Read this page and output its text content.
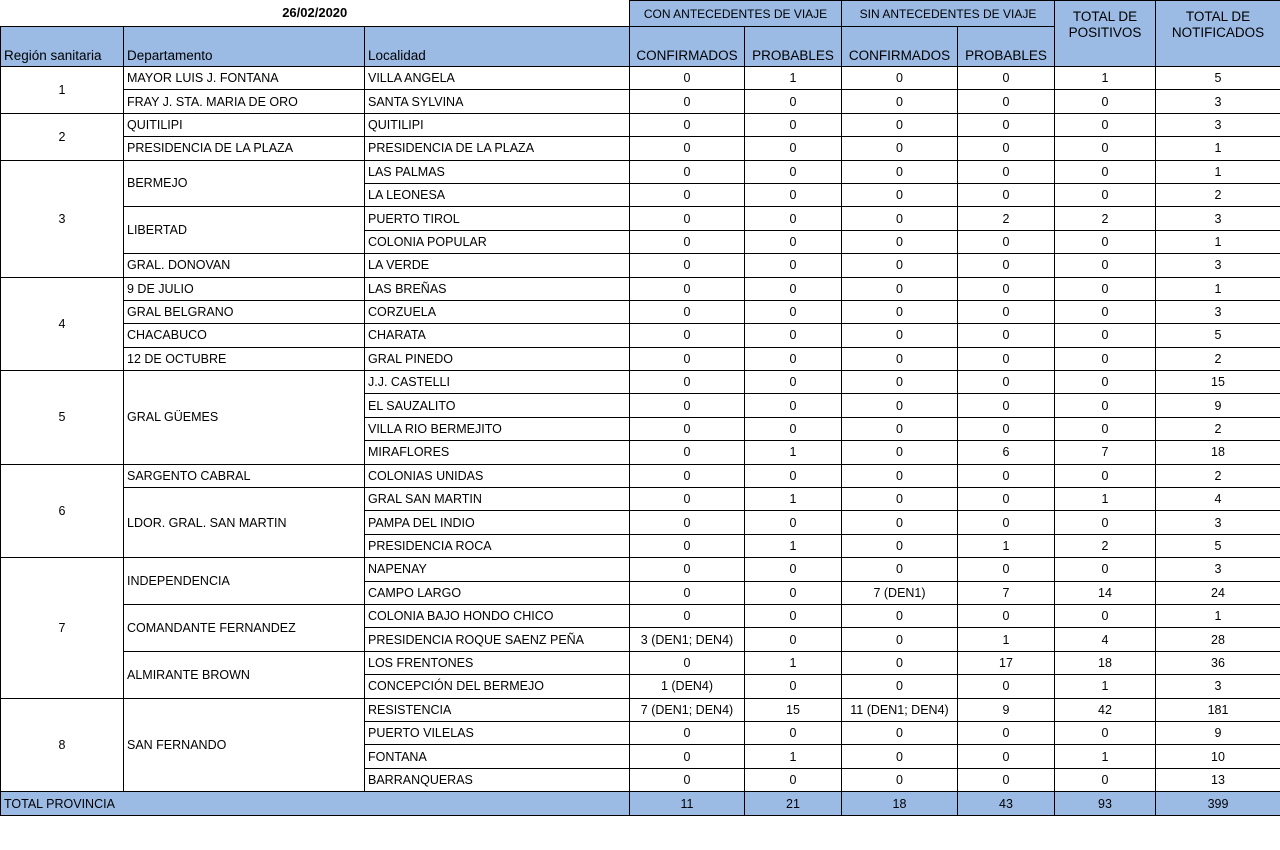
26/02/2020			CON ANTECEDENTES DE VIAJE		SIN ANTECEDENTES DE VIAJE		TOTAL DE POSITIVOS	TOTAL DE NOTIFICADOS
Región sanitaria	Departamento	Localidad	CONFIRMADOS	PROBABLES	CONFIRMADOS	PROBABLES		
1	MAYOR LUIS J. FONTANA	VILLA ANGELA	0	1	0	0	1	5
	FRAY J. STA. MARIA DE ORO	SANTA SYLVINA	0	0	0	0	0	3
2	QUITILIPI	QUITILIPI	0	0	0	0	0	3
	PRESIDENCIA DE LA PLAZA	PRESIDENCIA DE LA PLAZA	0	0	0	0	0	1
3	BERMEJO	LAS PALMAS	0	0	0	0	0	1
		LA LEONESA	0	0	0	0	0	2
	LIBERTAD	PUERTO TIROL	0	0	0	2	2	3
		COLONIA POPULAR	0	0	0	0	0	1
	GRAL. DONOVAN	LA VERDE	0	0	0	0	0	3
4	9 DE JULIO	LAS BREÑAS	0	0	0	0	0	1
	GRAL BELGRANO	CORZUELA	0	0	0	0	0	3
	CHACABUCO	CHARATA	0	0	0	0	0	5
	12 DE OCTUBRE	GRAL PINEDO	0	0	0	0	0	2
5	GRAL GÜEMES	J.J. CASTELLI	0	0	0	0	0	15
		EL SAUZALITO	0	0	0	0	0	9
		VILLA RIO BERMEJITO	0	0	0	0	0	2
		MIRAFLORES	0	1	0	6	7	18
6	SARGENTO CABRAL	COLONIAS UNIDAS	0	0	0	0	0	2
	LDOR. GRAL. SAN MARTIN	GRAL SAN MARTIN	0	1	0	0	1	4
		PAMPA DEL INDIO	0	0	0	0	0	3
		PRESIDENCIA ROCA	0	1	0	1	2	5
7	INDEPENDENCIA	NAPENAY	0	0	0	0	0	3
		CAMPO LARGO	0	0	7 (DEN1)	7	14	24
	COMANDANTE FERNANDEZ	COLONIA BAJO HONDO CHICO	0	0	0	0	0	1
		PRESIDENCIA ROQUE SAENZ PEÑA	3 (DEN1; DEN4)	0	0	1	4	28
	ALMIRANTE BROWN	LOS FRENTONES	0	1	0	17	18	36
		CONCEPCIÓN DEL BERMEJO	1 (DEN4)	0	0	0	1	3
8	SAN FERNANDO	RESISTENCIA	7 (DEN1; DEN4)	15	11 (DEN1; DEN4)	9	42	181
		PUERTO VILELAS	0	0	0	0	0	9
		FONTANA	0	1	0	0	1	10
		BARRANQUERAS	0	0	0	0	0	13
TOTAL PROVINCIA			11	21	18	43	93	399
